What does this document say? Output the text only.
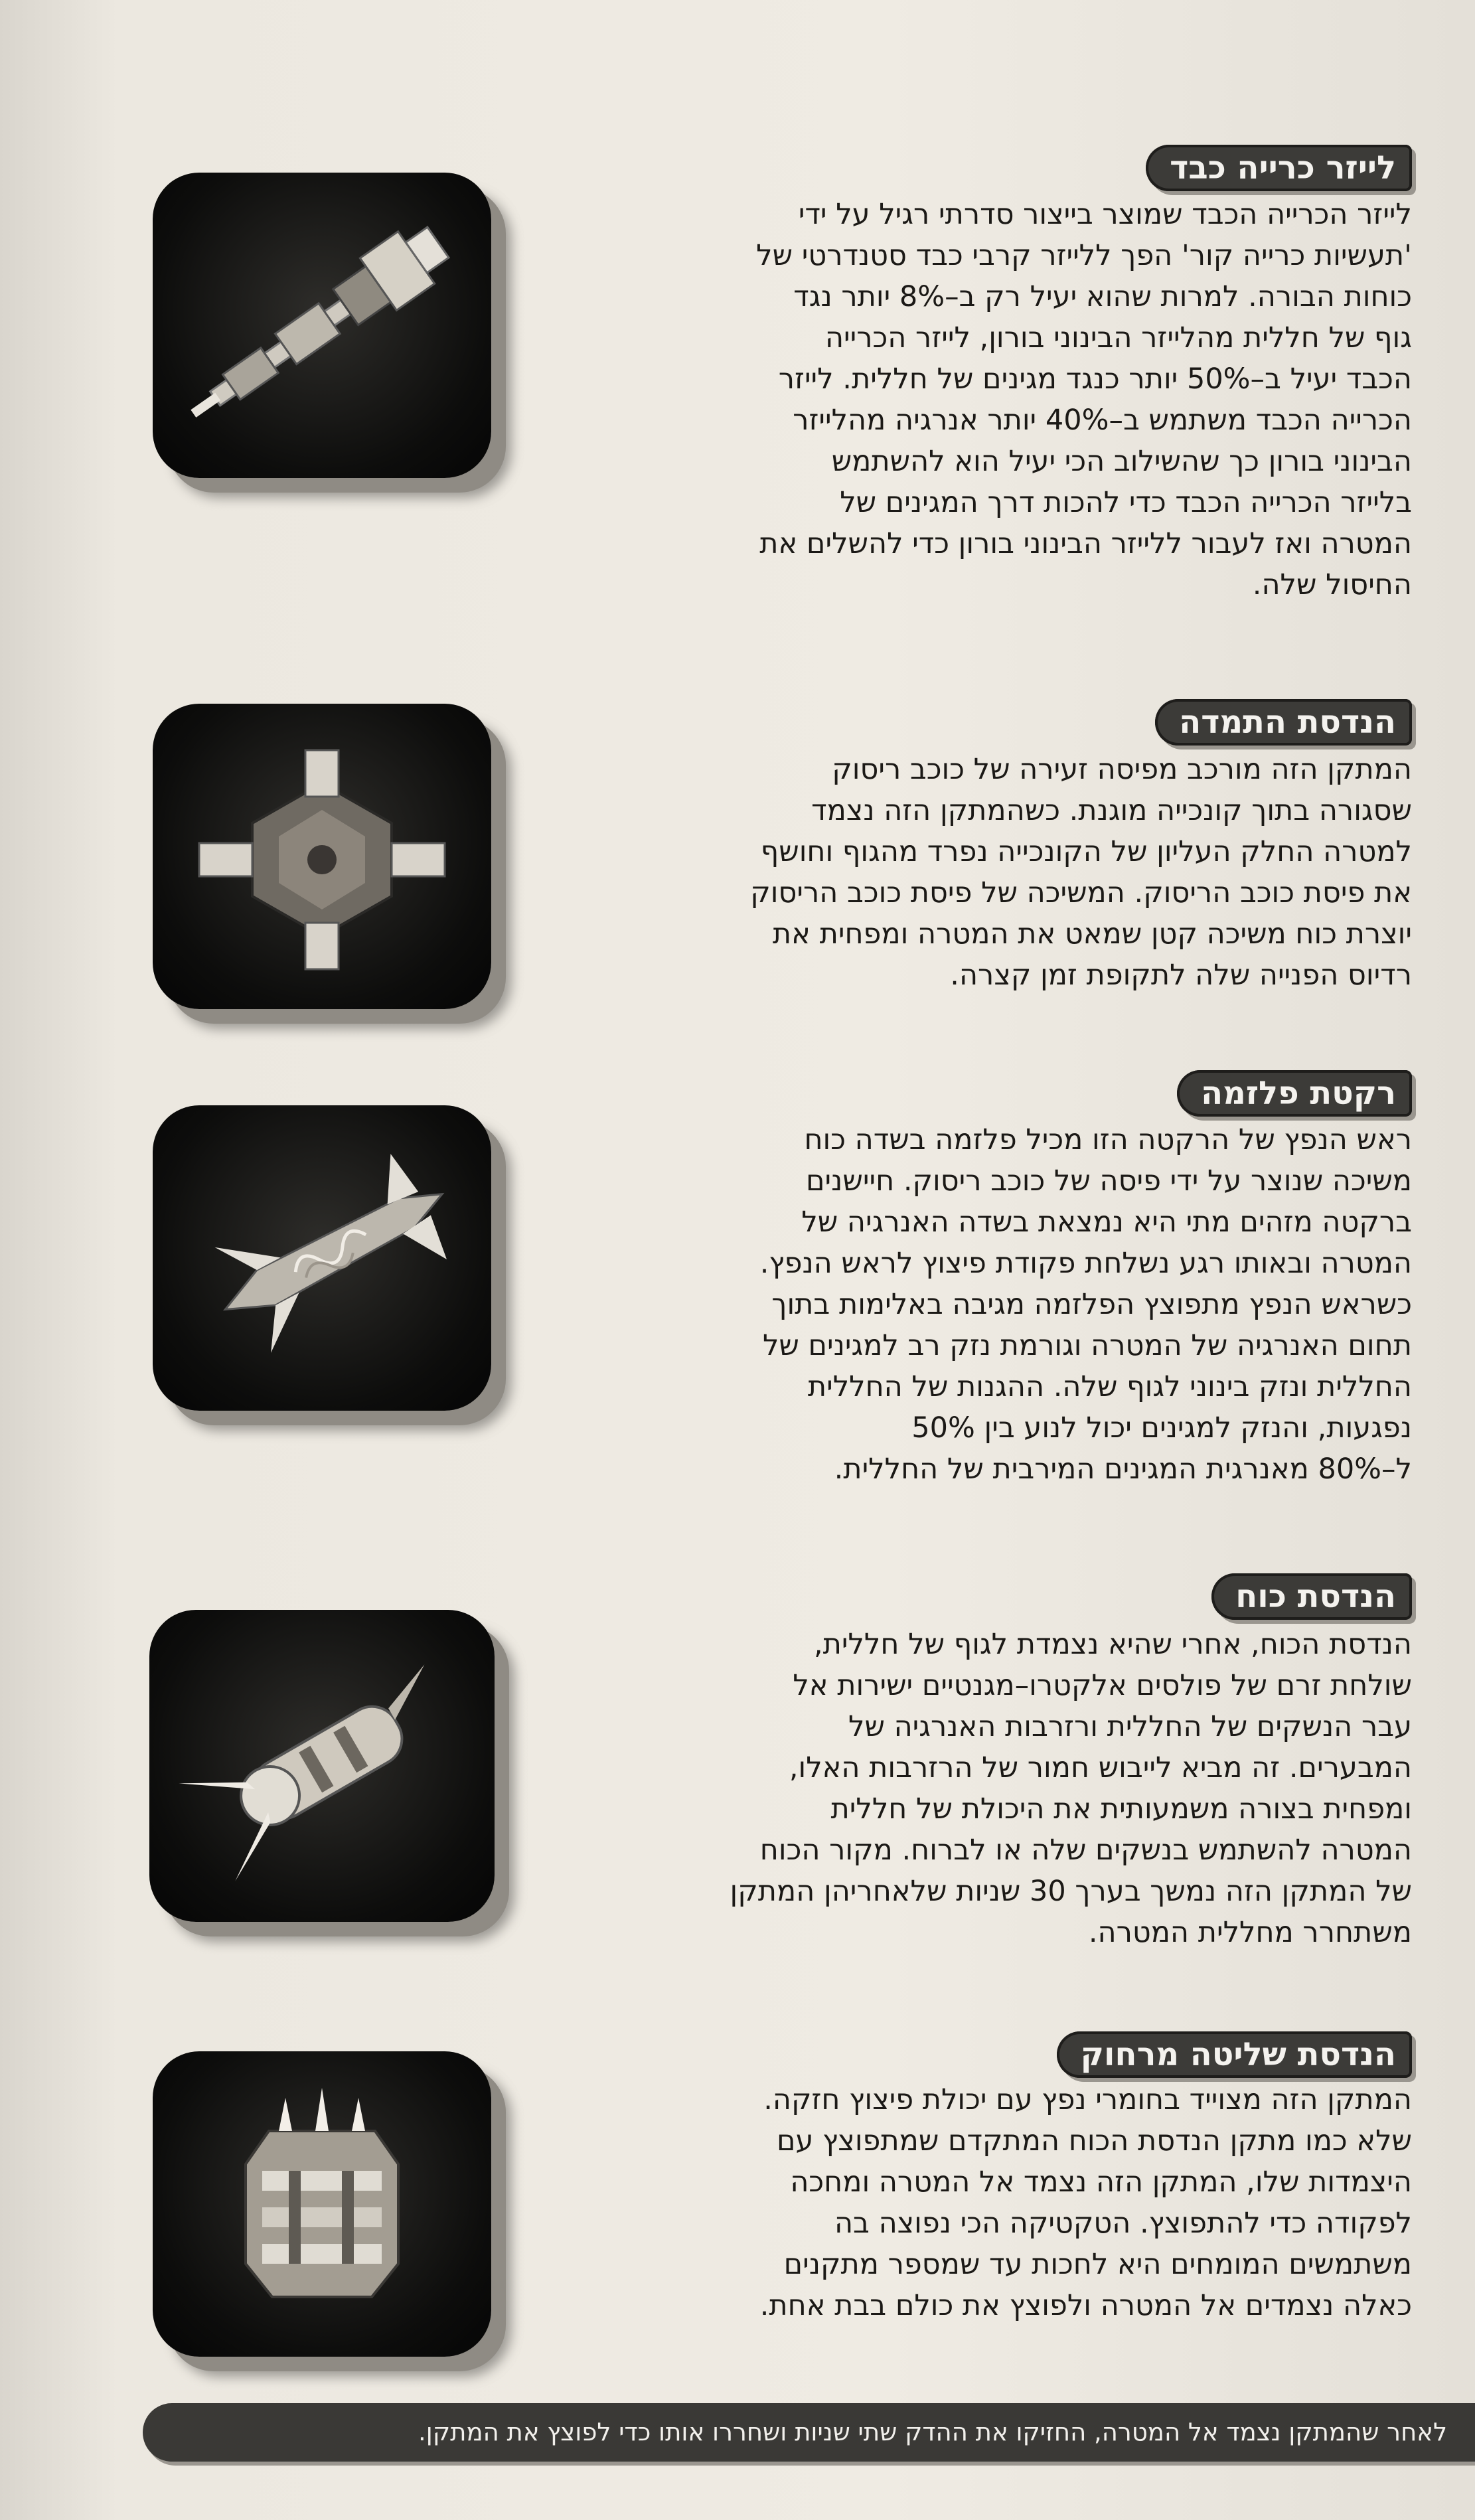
לייזר כרייה כבד

לייזר הכרייה הכבד שמוצר בייצור סדרתי רגיל על ידי

'תעשיות כרייה קור' הפך ללייזר קרבי כבד סטנדרטי של

כוחות הבורה. למרות שהוא יעיל רק ב–8% יותר נגד

גוף של חללית מהלייזר הבינוני בורון, לייזר הכרייה

הכבד יעיל ב–50% יותר כנגד מגינים של חללית. לייזר

הכרייה הכבד משתמש ב–40% יותר אנרגיה מהלייזר

הבינוני בורון כך שהשילוב הכי יעיל הוא להשתמש

בלייזר הכרייה הכבד כדי להכות דרך המגינים של

המטרה ואז לעבור ללייזר הבינוני בורון כדי להשלים את

החיסול שלה.

הנדסת התמדה

המתקן הזה מורכב מפיסה זעירה של כוכב ריסוק

שסגורה בתוך קונכייה מוגנת. כשהמתקן הזה נצמד

למטרה החלק העליון של הקונכייה נפרד מהגוף וחושף

את פיסת כוכב הריסוק. המשיכה של פיסת כוכב הריסוק

יוצרת כוח משיכה קטן שמאט את המטרה ומפחית את

רדיוס הפנייה שלה לתקופת זמן קצרה.

רקטת פלזמה

ראש הנפץ של הרקטה הזו מכיל פלזמה בשדה כוח

משיכה שנוצר על ידי פיסה של כוכב ריסוק. חיישנים

ברקטה מזהים מתי היא נמצאת בשדה האנרגיה של

המטרה ובאותו רגע נשלחת פקודת פיצוץ לראש הנפץ.

כשראש הנפץ מתפוצץ הפלזמה מגיבה באלימות בתוך

תחום האנרגיה של המטרה וגורמת נזק רב למגינים של

החללית ונזק בינוני לגוף שלה. ההגנות של החללית

נפגעות, והנזק למגינים יכול לנוע בין 50%

ל–80% מאנרגית המגינים המירבית של החללית.

הנדסת כוח

הנדסת הכוח, אחרי שהיא נצמדת לגוף של חללית,

שולחת זרם של פולסים אלקטרו–מגנטיים ישירות אל

עבר הנשקים של החללית ורזרבות האנרגיה של

המבערים. זה מביא לייבוש חמור של הרזרבות האלו,

ומפחית בצורה משמעותית את היכולת של חללית

המטרה להשתמש בנשקים שלה או לברוח. מקור הכוח

של המתקן הזה נמשך בערך 30 שניות שלאחריהן המתקן

משתחרר מחללית המטרה.

הנדסת שליטה מרחוק

המתקן הזה מצוייד בחומרי נפץ עם יכולת פיצוץ חזקה.

שלא כמו מתקן הנדסת הכוח המתקדם שמתפוצץ עם

היצמדות שלו, המתקן הזה נצמד אל המטרה ומחכה

לפקודה כדי להתפוצץ. הטקטיקה הכי נפוצה בה

משתמשים המומחים היא לחכות עד שמספר מתקנים

כאלה נצמדים אל המטרה ולפוצץ את כולם בבת אחת.

לאחר שהמתקן נצמד אל המטרה, החזיקו את ההדק שתי שניות ושחררו אותו כדי לפוצץ את המתקן.
